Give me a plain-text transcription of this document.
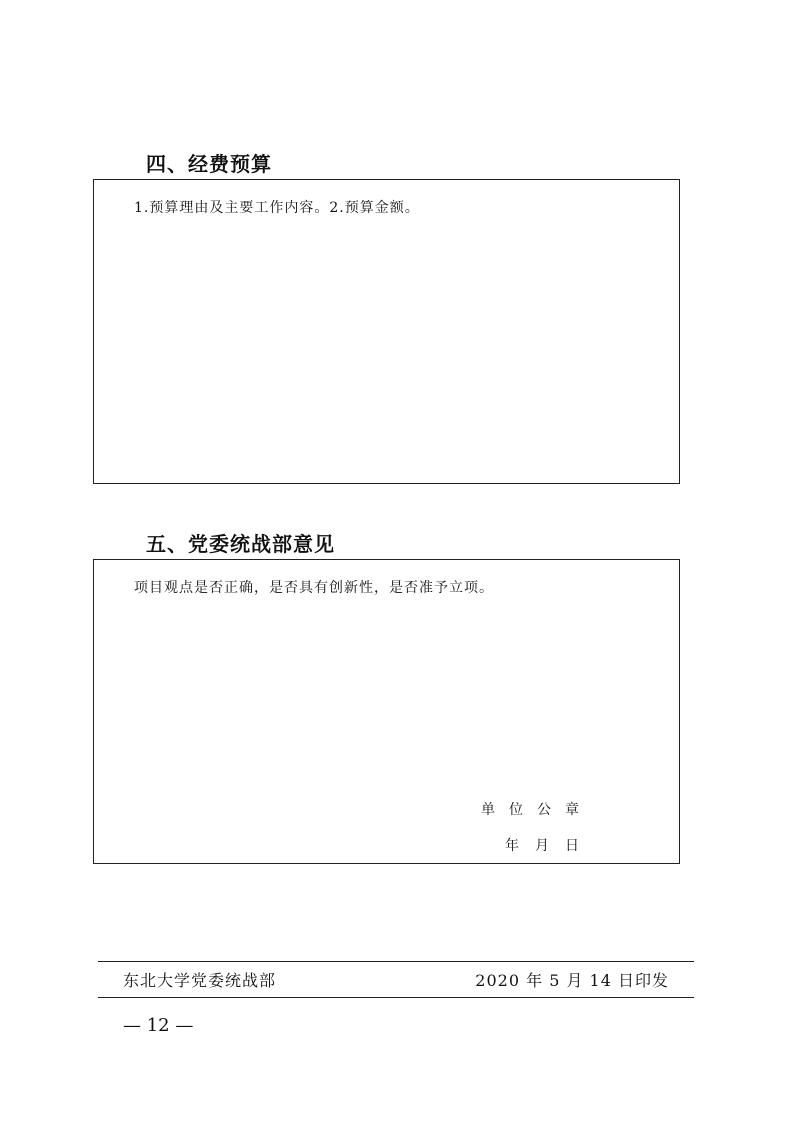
四、经费预算
1.预算理由及主要工作内容。2.预算金额。
五、党委统战部意见
项目观点是否正确，是否具有创新性，是否准予立项。
单位公章
年月日
东北大学党委统战部	2020 年 5 月 14 日印发
— 12 —
